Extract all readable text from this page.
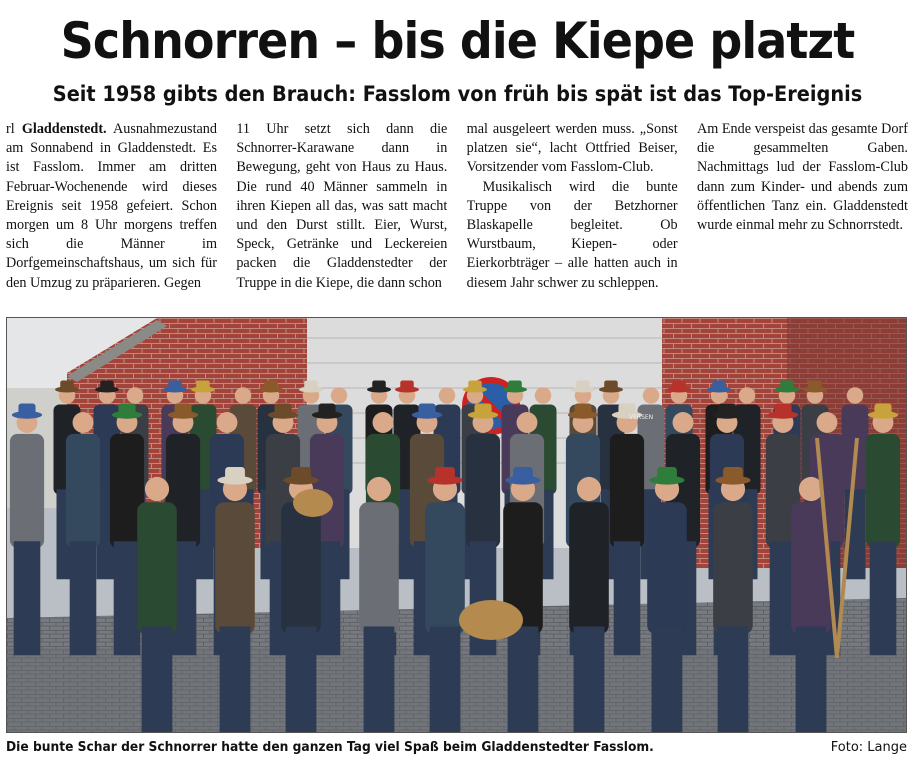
Schnorren – bis die Kiepe platzt
Seit 1958 gibts den Brauch: Fasslom von früh bis spät ist das Top-Ereignis

rl Gladdenstedt. Ausnahmezustand am Sonnabend in Gladdenstedt. Es ist Fasslom. Immer am dritten Februar-Wochenende wird dieses Ereignis seit 1958 gefeiert. Schon morgen um 8 Uhr morgens treffen sich die Männer im Dorfgemeinschaftshaus, um sich für den Umzug zu präparieren. Gegen

11 Uhr setzt sich dann die Schnorrer-Karawane dann in Bewegung, geht von Haus zu Haus. Die rund 40 Männer sammeln in ihren Kiepen all das, was satt macht und den Durst stillt. Eier, Wurst, Speck, Getränke und Leckereien packen die Gladdenstedter der Truppe in die Kiepe, die dann schon

mal ausgeleert werden muss. „Sonst platzen sie“, lacht Ottfried Beiser, Vorsitzender vom Fasslom-Club.

Musikalisch wird die bunte Truppe von der Betzhorner Blaskapelle begleitet. Ob Wurstbaum, Kiepen- oder Eierkorbträger – alle hatten auch in diesem Jahr schwer zu schleppen.

Am Ende verspeist das gesamte Dorf die gesammelten Gaben. Nachmittags lud der Fasslom-Club dann zum Kinder- und abends zum öffentlichen Tanz ein. Gladdenstedt wurde einmal mehr zu Schnorrstedt.

VERSEN
Die bunte Schar der Schnorrer hatte den ganzen Tag viel Spaß beim Gladdenstedter Fasslom.	Foto: Lange
